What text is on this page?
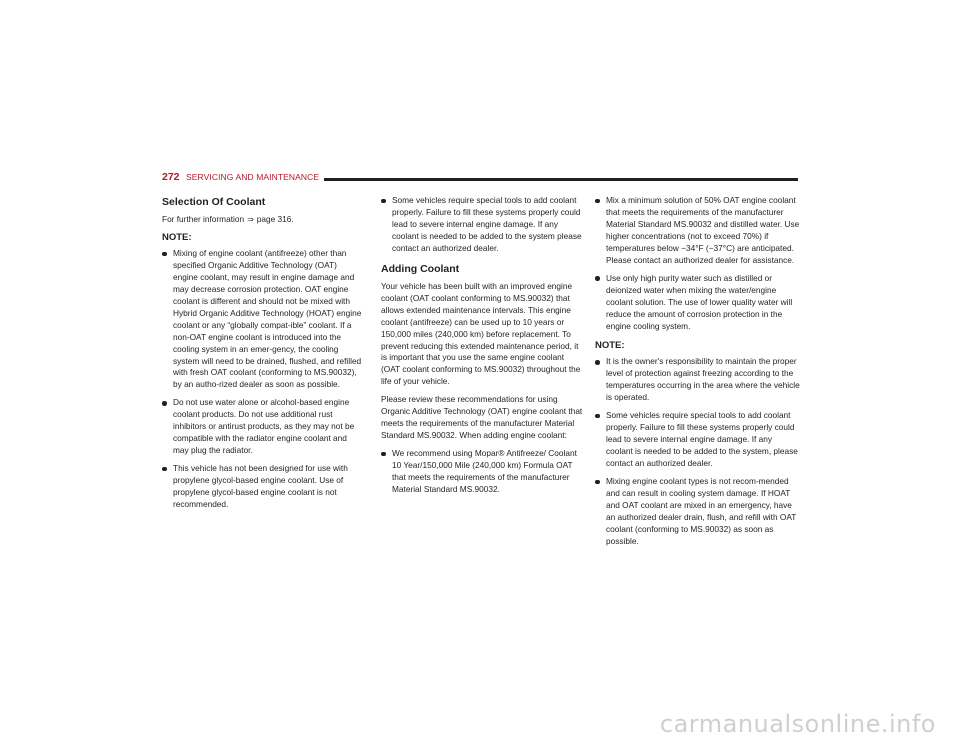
272 SERVICING AND MAINTENANCE
Selection Of Coolant

For further information ⇒ page 316.

NOTE:
Mixing of engine coolant (antifreeze) other than specified Organic Additive Technology (OAT) engine coolant, may result in engine damage and may decrease corrosion protection. OAT engine coolant is different and should not be mixed with Hybrid Organic Additive Technology (HOAT) engine coolant or any “globally compat-ible” coolant. If a non-OAT engine coolant is introduced into the cooling system in an emer-gency, the cooling system will need to be drained, flushed, and refilled with fresh OAT coolant (conforming to MS.90032), by an autho-rized dealer as soon as possible.
Do not use water alone or alcohol-based engine coolant products. Do not use additional rust inhibitors or antirust products, as they may not be compatible with the radiator engine coolant and may plug the radiator.
This vehicle has not been designed for use with propylene glycol-based engine coolant. Use of propylene glycol-based engine coolant is not recommended.
Some vehicles require special tools to add coolant properly. Failure to fill these systems properly could lead to severe internal engine damage. If any coolant is needed to be added to the system please contact an authorized dealer.
Adding Coolant

Your vehicle has been built with an improved engine coolant (OAT coolant conforming to MS.90032) that allows extended maintenance intervals. This engine coolant (antifreeze) can be used up to 10 years or 150,000 miles (240,000 km) before replacement. To prevent reducing this extended maintenance period, it is important that you use the same engine coolant (OAT coolant conforming to MS.90032) throughout the life of your vehicle.

Please review these recommendations for using Organic Additive Technology (OAT) engine coolant that meets the requirements of the manufacturer Material Standard MS.90032. When adding engine coolant:

We recommend using Mopar® Antifreeze/ Coolant 10 Year/150,000 Mile (240,000 km) Formula OAT that meets the requirements of the manufacturer Material Standard MS.90032.
Mix a minimum solution of 50% OAT engine coolant that meets the requirements of the manufacturer Material Standard MS.90032 and distilled water. Use higher concentrations (not to exceed 70%) if temperatures below −34°F (−37°C) are anticipated. Please contact an authorized dealer for assistance.
Use only high purity water such as distilled or deionized water when mixing the water/engine coolant solution. The use of lower quality water will reduce the amount of corrosion protection in the engine cooling system.
NOTE:
It is the owner's responsibility to maintain the proper level of protection against freezing according to the temperatures occurring in the area where the vehicle is operated.
Some vehicles require special tools to add coolant properly. Failure to fill these systems properly could lead to severe internal engine damage. If any coolant is needed to be added to the system, please contact an authorized dealer.
Mixing engine coolant types is not recom-mended and can result in cooling system damage. If HOAT and OAT coolant are mixed in an emergency, have an authorized dealer drain, flush, and refill with OAT coolant (conforming to MS.90032) as soon as possible.
carmanualsonline.info
